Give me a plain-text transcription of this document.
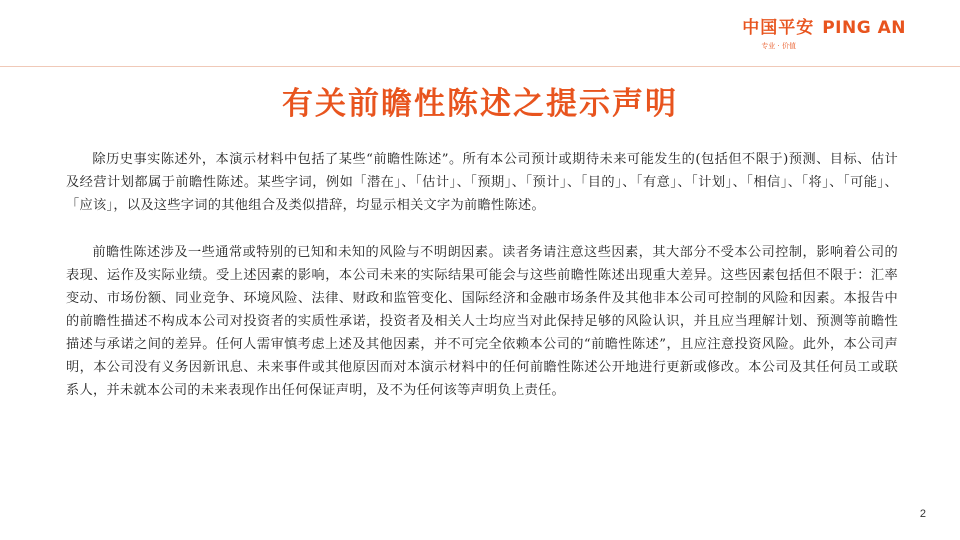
中国平安 PING AN
专业 · 价值
有关前瞻性陈述之提示声明

除历史事实陈述外，本演示材料中包括了某些“前瞻性陈述”。所有本公司预计或期待未来可能发生的(包括但不限于)预测、目标、估计及经营计划都属于前瞻性陈述。某些字词，例如「潜在」、「估计」、「预期」、「预计」、「目的」、「有意」、「计划」、「相信」、「将」、「可能」、「应该」，以及这些字词的其他组合及类似措辞，均显示相关文字为前瞻性陈述。

前瞻性陈述涉及一些通常或特别的已知和未知的风险与不明朗因素。读者务请注意这些因素，其大部分不受本公司控制，影响着公司的表现、运作及实际业绩。受上述因素的影响，本公司未来的实际结果可能会与这些前瞻性陈述出现重大差异。这些因素包括但不限于：汇率变动、市场份额、同业竞争、环境风险、法律、财政和监管变化、国际经济和金融市场条件及其他非本公司可控制的风险和因素。本报告中的前瞻性描述不构成本公司对投资者的实质性承诺，投资者及相关人士均应当对此保持足够的风险认识，并且应当理解计划、预测等前瞻性描述与承诺之间的差异。任何人需审慎考虑上述及其他因素，并不可完全依赖本公司的“前瞻性陈述”，且应注意投资风险。此外，本公司声明，本公司没有义务因新讯息、未来事件或其他原因而对本演示材料中的任何前瞻性陈述公开地进行更新或修改。本公司及其任何员工或联系人，并未就本公司的未来表现作出任何保证声明，及不为任何该等声明负上责任。

2
